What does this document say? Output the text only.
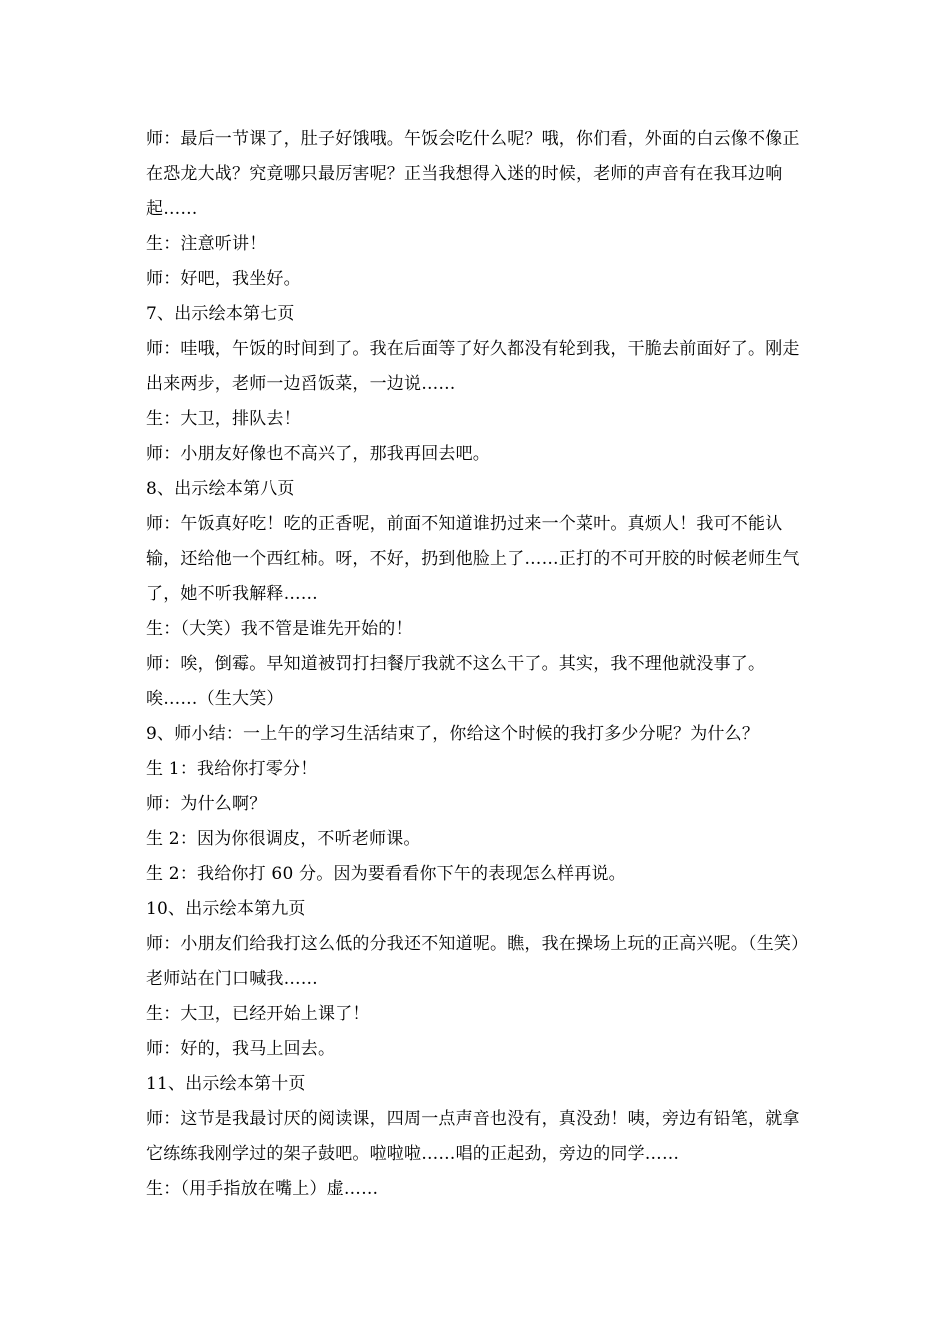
师：最后一节课了，肚子好饿哦。午饭会吃什么呢？哦，你们看，外面的白云像不像正在恐龙大战？究竟哪只最厉害呢？正当我想得入迷的时候，老师的声音有在我耳边响起……

生：注意听讲！

师：好吧，我坐好。

7、出示绘本第七页

师：哇哦，午饭的时间到了。我在后面等了好久都没有轮到我，干脆去前面好了。刚走出来两步，老师一边舀饭菜，一边说……

生：大卫，排队去！

师：小朋友好像也不高兴了，那我再回去吧。

8、出示绘本第八页

师：午饭真好吃！吃的正香呢，前面不知道谁扔过来一个菜叶。真烦人！我可不能认输，还给他一个西红柿。呀，不好，扔到他脸上了……正打的不可开胶的时候老师生气了，她不听我解释……

生：（大笑）我不管是谁先开始的！

师：唉，倒霉。早知道被罚打扫餐厅我就不这么干了。其实，我不理他就没事了。唉……（生大笑）

9、师小结：一上午的学习生活结束了，你给这个时候的我打多少分呢？为什么？

生 1：我给你打零分！

师：为什么啊？

生 2：因为你很调皮，不听老师课。

生 2：我给你打 60 分。因为要看看你下午的表现怎么样再说。

10、出示绘本第九页

师：小朋友们给我打这么低的分我还不知道呢。瞧，我在操场上玩的正高兴呢。（生笑）老师站在门口喊我……

生：大卫，已经开始上课了！

师：好的，我马上回去。

11、出示绘本第十页

师：这节是我最讨厌的阅读课，四周一点声音也没有，真没劲！咦，旁边有铅笔，就拿它练练我刚学过的架子鼓吧。啦啦啦……唱的正起劲，旁边的同学……

生：（用手指放在嘴上）虚……
